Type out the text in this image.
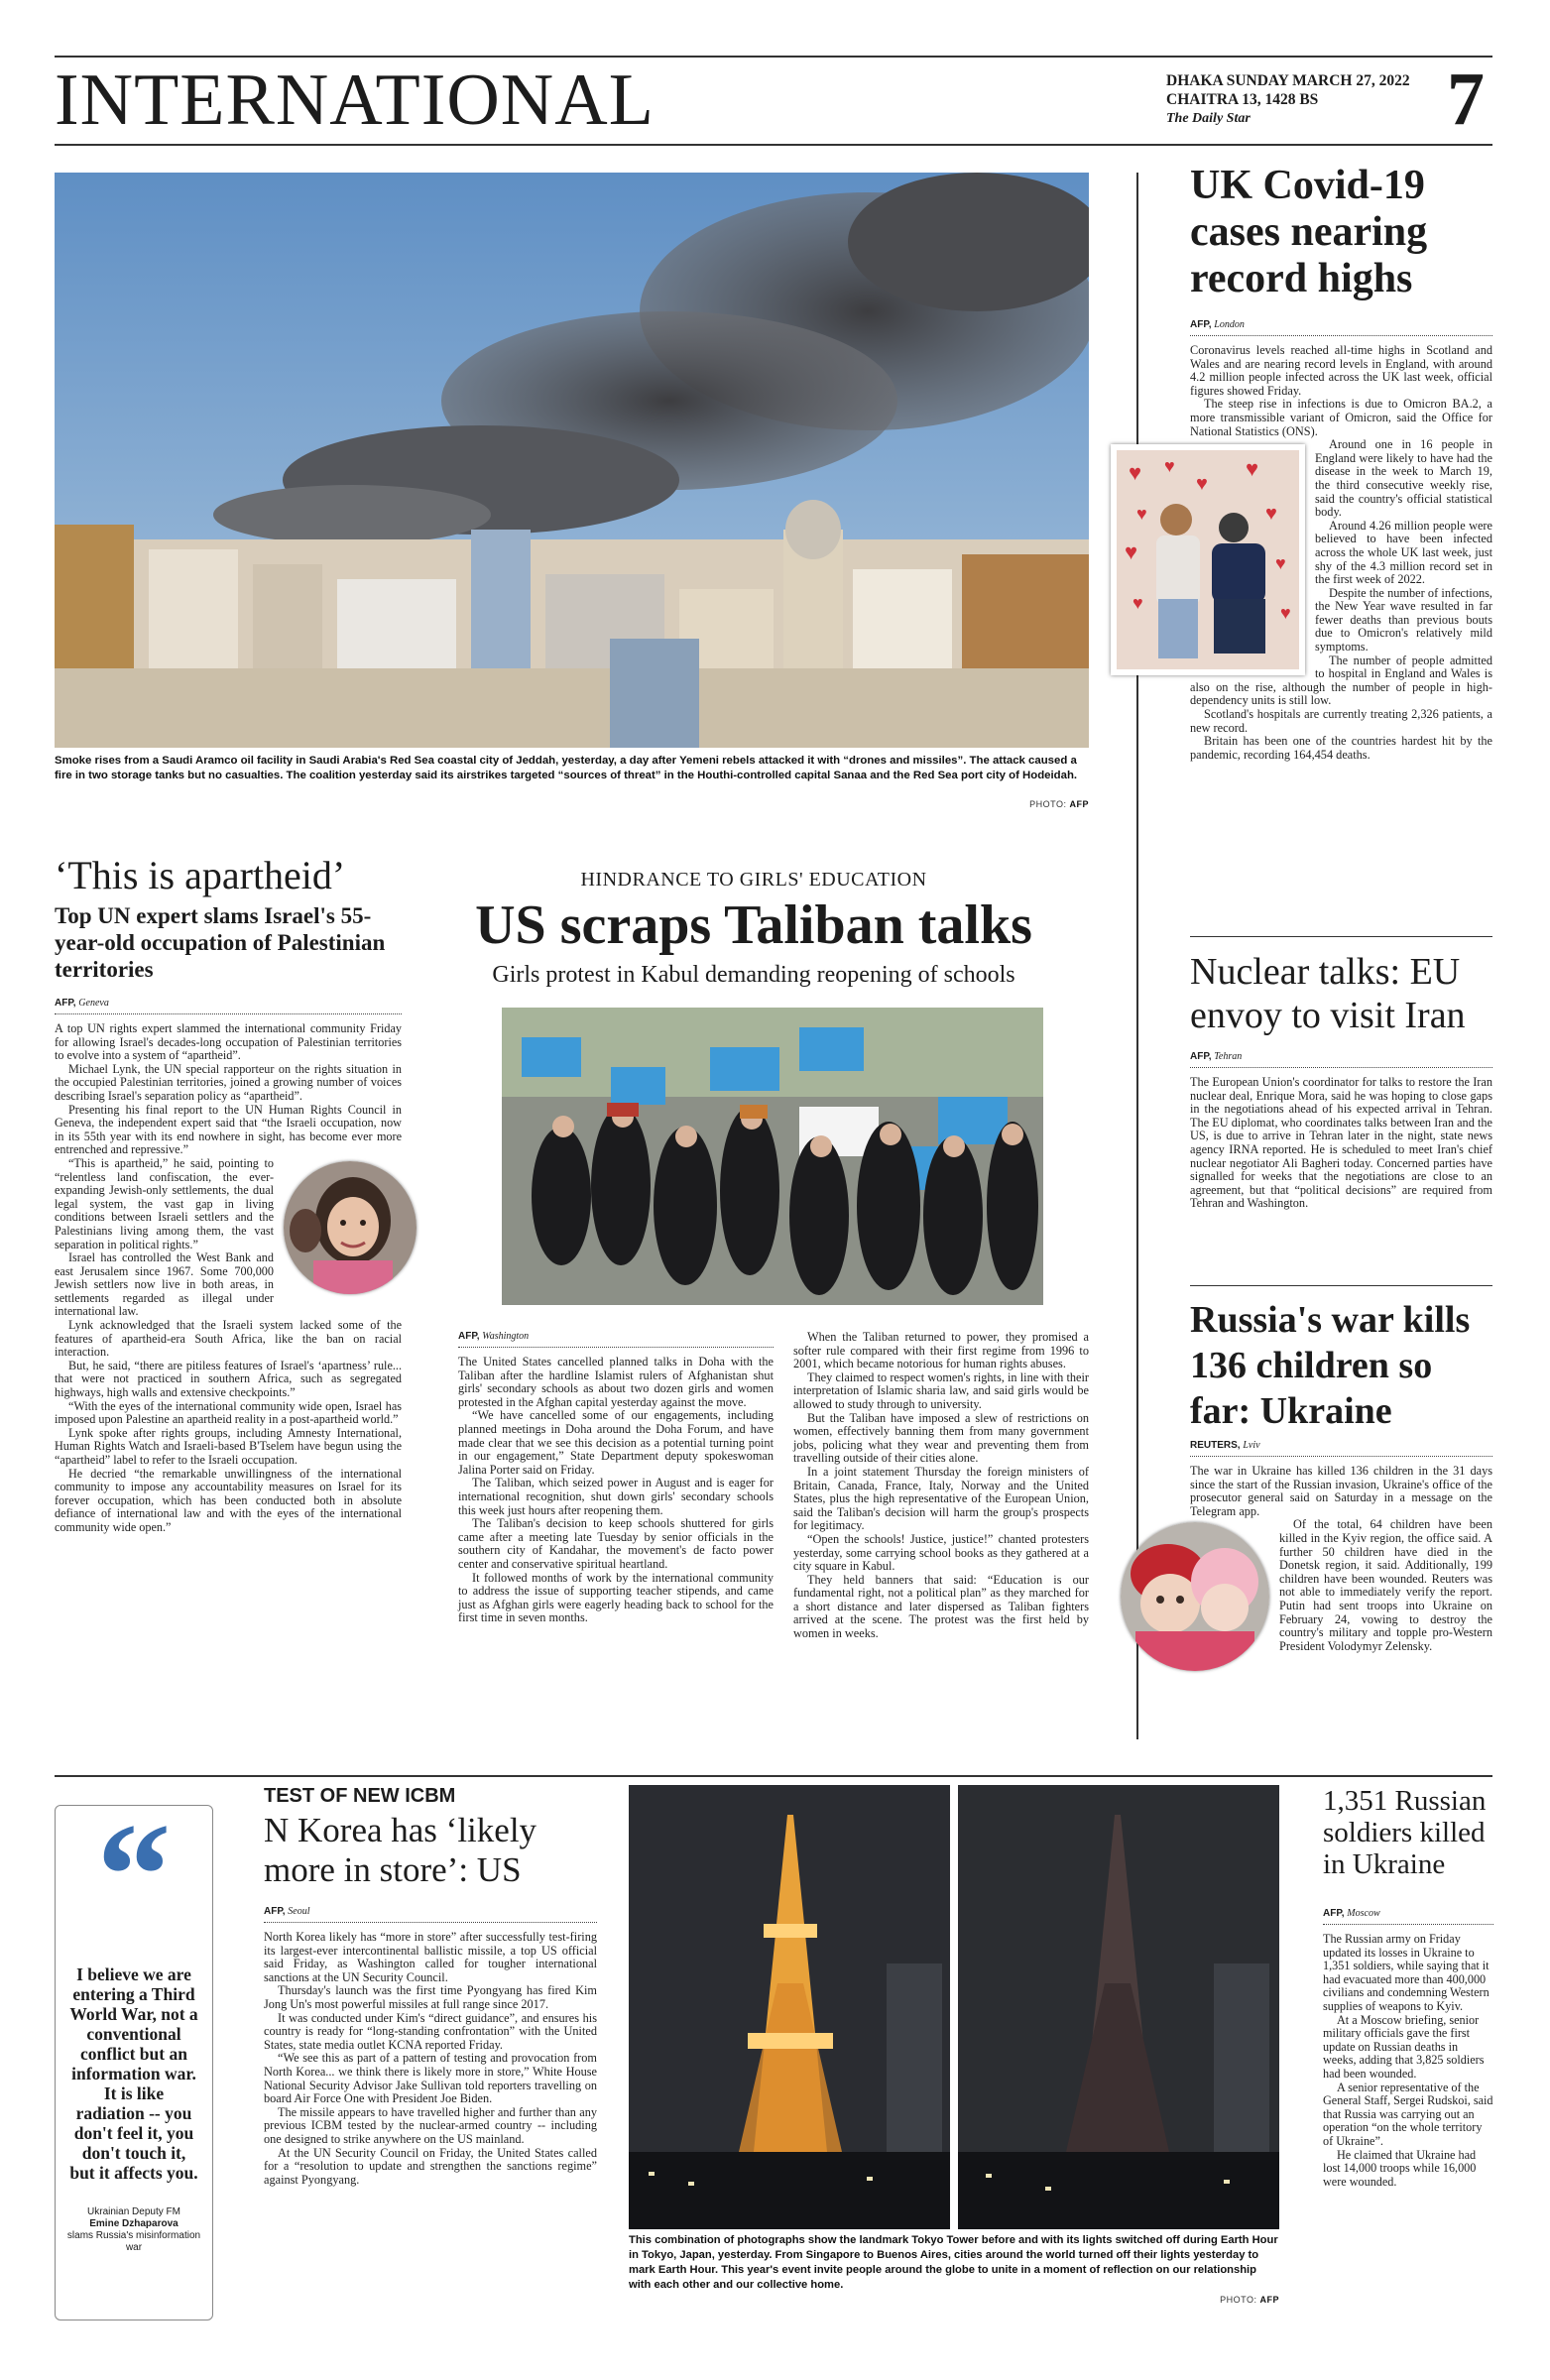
INTERNATIONAL	DHAKA SUNDAY MARCH 27, 2022
CHAITRA 13, 1428 BS
The Daily Star	7
Smoke rises from a Saudi Aramco oil facility in Saudi Arabia's Red Sea coastal city of Jeddah, yesterday, a day after Yemeni rebels attacked it with “drones and missiles”. The attack caused a fire in two storage tanks but no casualties. The coalition yesterday said its airstrikes targeted “sources of threat” in the Houthi-controlled capital Sanaa and the Red Sea port city of Hodeidah.
PHOTO: AFP
UK Covid-19 cases nearing record highs
AFP, London

Coronavirus levels reached all-time highs in Scotland and Wales and are nearing record levels in England, with around 4.2 million people infected across the UK last week, official figures showed Friday.

The steep rise in infections is due to Omicron BA.2, a more transmissible variant of Omicron, said the Office for National Statistics (ONS).

♥ ♥
♥
♥
♥	♥
♥	♥
♥	♥

Around one in 16 people in England were likely to have had the disease in the week to March 19, the third consecutive weekly rise, said the country's official statistical body.

Around 4.26 million people were believed to have been infected across the whole UK last week, just shy of the 4.3 million record set in the first week of 2022.

Despite the number of infections, the New Year wave resulted in far fewer deaths than previous bouts due to Omicron's relatively mild symptoms.

The number of people admitted to hospital in England and Wales is also on the rise, although the number of people in high-dependency units is still low.

Scotland's hospitals are currently treating 2,326 patients, a new record.

Britain has been one of the countries hardest hit by the pandemic, recording 164,454 deaths.

Nuclear talks: EU envoy to visit Iran
AFP, Tehran

The European Union's coordinator for talks to restore the Iran nuclear deal, Enrique Mora, said he was hoping to close gaps in the negotiations ahead of his expected arrival in Tehran. The EU diplomat, who coordinates talks between Iran and the US, is due to arrive in Tehran later in the night, state news agency IRNA reported. He is scheduled to meet Iran's chief nuclear negotiator Ali Bagheri today. Concerned parties have signalled for weeks that the negotiations are close to an agreement, but that “political decisions” are required from Tehran and Washington.

Russia's war kills 136 children so far: Ukraine
REUTERS, Lviv

The war in Ukraine has killed 136 children in the 31 days since the start of the Russian invasion, Ukraine's office of the prosecutor general said on Saturday in a message on the Telegram app.

Of the total, 64 children have been killed in the Kyiv region, the office said. A further 50 children have died in the Donetsk region, it said. Additionally, 199 children have been wounded. Reuters was not able to immediately verify the report. Putin had sent troops into Ukraine on February 24, vowing to destroy the country's military and topple pro-Western President Volodymyr Zelensky.

‘This is apartheid’
Top UN expert slams Israel's 55-year-old occupation of Palestinian territories
AFP, Geneva

A top UN rights expert slammed the international community Friday for allowing Israel's decades-long occupation of Palestinian territories to evolve into a system of “apartheid”.

Michael Lynk, the UN special rapporteur on the rights situation in the occupied Palestinian territories, joined a growing number of voices describing Israel's separation policy as “apartheid”.

Presenting his final report to the UN Human Rights Council in Geneva, the independent expert said that “the Israeli occupation, now in its 55th year with its end nowhere in sight, has become ever more entrenched and repressive.”

“This is apartheid,” he said, pointing to “relentless land confiscation, the ever-expanding Jewish-only settlements, the dual legal system, the vast gap in living conditions between Israeli settlers and the Palestinians living among them, the vast separation in political rights.”

Israel has controlled the West Bank and east Jerusalem since 1967. Some 700,000 Jewish settlers now live in both areas, in settlements regarded as illegal under international law.

Lynk acknowledged that the Israeli system lacked some of the features of apartheid-era South Africa, like the ban on racial interaction.

But, he said, “there are pitiless features of Israel's ‘apartness’ rule... that were not practiced in southern Africa, such as segregated highways, high walls and extensive checkpoints.”

“With the eyes of the international community wide open, Israel has imposed upon Palestine an apartheid reality in a post-apartheid world.”

Lynk spoke after rights groups, including Amnesty International, Human Rights Watch and Israeli-based B'Tselem have begun using the “apartheid” label to refer to the Israeli occupation.

He decried “the remarkable unwillingness of the international community to impose any accountability measures on Israel for its forever occupation, which has been conducted both in absolute defiance of international law and with the eyes of the international community wide open.”

HINDRANCE TO GIRLS' EDUCATION
US scraps Taliban talks
Girls protest in Kabul demanding reopening of schools
AFP, Washington

The United States cancelled planned talks in Doha with the Taliban after the hardline Islamist rulers of Afghanistan shut girls' secondary schools as about two dozen girls and women protested in the Afghan capital yesterday against the move.

“We have cancelled some of our engagements, including planned meetings in Doha around the Doha Forum, and have made clear that we see this decision as a potential turning point in our engagement,” State Department deputy spokeswoman Jalina Porter said on Friday.

The Taliban, which seized power in August and is eager for international recognition, shut down girls' secondary schools this week just hours after reopening them.

The Taliban's decision to keep schools shuttered for girls came after a meeting late Tuesday by senior officials in the southern city of Kandahar, the movement's de facto power center and conservative spiritual heartland.

It followed months of work by the international community to address the issue of supporting teacher stipends, and came just as Afghan girls were eagerly heading back to school for the first time in seven months.

When the Taliban returned to power, they promised a softer rule compared with their first regime from 1996 to 2001, which became notorious for human rights abuses.

They claimed to respect women's rights, in line with their interpretation of Islamic sharia law, and said girls would be allowed to study through to university.

But the Taliban have imposed a slew of restrictions on women, effectively banning them from many government jobs, policing what they wear and preventing them from travelling outside of their cities alone.

In a joint statement Thursday the foreign ministers of Britain, Canada, France, Italy, Norway and the United States, plus the high representative of the European Union, said the Taliban's decision will harm the group's prospects for legitimacy.

“Open the schools! Justice, justice!” chanted protesters yesterday, some carrying school books as they gathered at a city square in Kabul.

They held banners that said: “Education is our fundamental right, not a political plan” as they marched for a short distance and later dispersed as Taliban fighters arrived at the scene. The protest was the first held by women in weeks.

“
I believe we are entering a Third World War, not a conventional conflict but an information war. It is like radiation -- you don't feel it, you don't touch it, but it affects you.
Ukrainian Deputy FM
Emine Dzhaparova
slams Russia's misinformation war
TEST OF NEW ICBM
N Korea has ‘likely more in store’: US
AFP, Seoul

North Korea likely has “more in store” after successfully test-firing its largest-ever intercontinental ballistic missile, a top US official said Friday, as Washington called for tougher international sanctions at the UN Security Council.

Thursday's launch was the first time Pyongyang has fired Kim Jong Un's most powerful missiles at full range since 2017.

It was conducted under Kim's “direct guidance”, and ensures his country is ready for “long-standing confrontation” with the United States, state media outlet KCNA reported Friday.

“We see this as part of a pattern of testing and provocation from North Korea... we think there is likely more in store,” White House National Security Advisor Jake Sullivan told reporters travelling on board Air Force One with President Joe Biden.

The missile appears to have travelled higher and further than any previous ICBM tested by the nuclear-armed country -- including one designed to strike anywhere on the US mainland.

At the UN Security Council on Friday, the United States called for a “resolution to update and strengthen the sanctions regime” against Pyongyang.

This combination of photographs show the landmark Tokyo Tower before and with its lights switched off during Earth Hour in Tokyo, Japan, yesterday. From Singapore to Buenos Aires, cities around the world turned off their lights yesterday to mark Earth Hour. This year's event invite people around the globe to unite in a moment of reflection on our relationship with each other and our collective home.
PHOTO: AFP
1,351 Russian soldiers killed in Ukraine
AFP, Moscow

The Russian army on Friday updated its losses in Ukraine to 1,351 soldiers, while saying that it had evacuated more than 400,000 civilians and condemning Western supplies of weapons to Kyiv.

At a Moscow briefing, senior military officials gave the first update on Russian deaths in weeks, adding that 3,825 soldiers had been wounded.

A senior representative of the General Staff, Sergei Rudskoi, said that Russia was carrying out an operation “on the whole territory of Ukraine”.

He claimed that Ukraine had lost 14,000 troops while 16,000 were wounded.
